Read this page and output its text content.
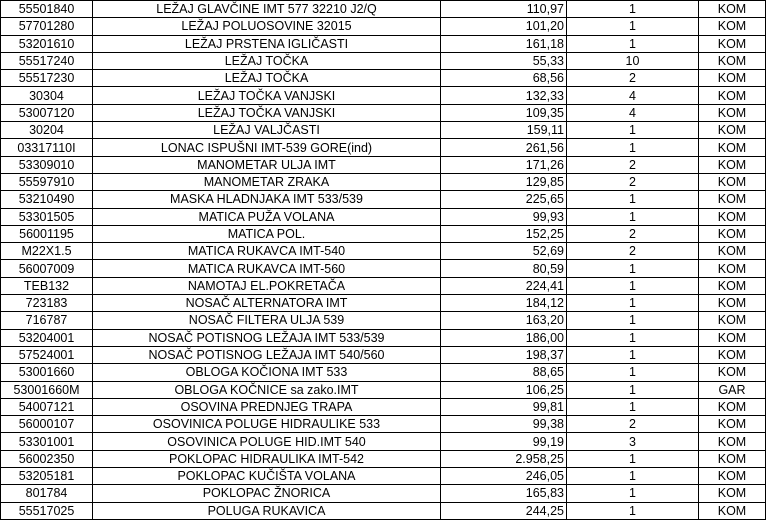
55501840	LEŽAJ GLAVČINE IMT 577 32210 J2/Q	110,97	1	KOM
57701280	LEŽAJ POLUOSOVINE 32015	101,20	1	KOM
53201610	LEŽAJ PRSTENA IGLIČASTI	161,18	1	KOM
55517240	LEŽAJ TOČKA	55,33	10	KOM
55517230	LEŽAJ TOČKA	68,56	2	KOM
30304	LEŽAJ TOČKA VANJSKI	132,33	4	KOM
53007120	LEŽAJ TOČKA VANJSKI	109,35	4	KOM
30204	LEŽAJ VALJČASTI	159,11	1	KOM
03317110I	LONAC ISPUŠNI IMT-539 GORE(ind)	261,56	1	KOM
53309010	MANOMETAR ULJA IMT	171,26	2	KOM
55597910	MANOMETAR ZRAKA	129,85	2	KOM
53210490	MASKA HLADNJAKA IMT 533/539	225,65	1	KOM
53301505	MATICA PUŽA VOLANA	99,93	1	KOM
56001195	MATICA POL.	152,25	2	KOM
M22X1.5	MATICA RUKAVCA IMT-540	52,69	2	KOM
56007009	MATICA RUKAVCA IMT-560	80,59	1	KOM
TEB132	NAMOTAJ EL.POKRETAČA	224,41	1	KOM
723183	NOSAČ ALTERNATORA IMT	184,12	1	KOM
716787	NOSAČ FILTERA ULJA 539	163,20	1	KOM
53204001	NOSAČ POTISNOG LEŽAJA IMT 533/539	186,00	1	KOM
57524001	NOSAČ POTISNOG LEŽAJA IMT 540/560	198,37	1	KOM
53001660	OBLOGA KOČIONA IMT 533	88,65	1	KOM
53001660M	OBLOGA KOČNICE sa zako.IMT	106,25	1	GAR
54007121	OSOVINA PREDNJEG TRAPA	99,81	1	KOM
56000107	OSOVINICA POLUGE HIDRAULIKE 533	99,38	2	KOM
53301001	OSOVINICA POLUGE HID.IMT 540	99,19	3	KOM
56002350	POKLOPAC HIDRAULIKA IMT-542	2.958,25	1	KOM
53205181	POKLOPAC KUČIŠTA VOLANA	246,05	1	KOM
801784	POKLOPAC ŽNORICA	165,83	1	KOM
55517025	POLUGA RUKAVICA	244,25	1	KOM
